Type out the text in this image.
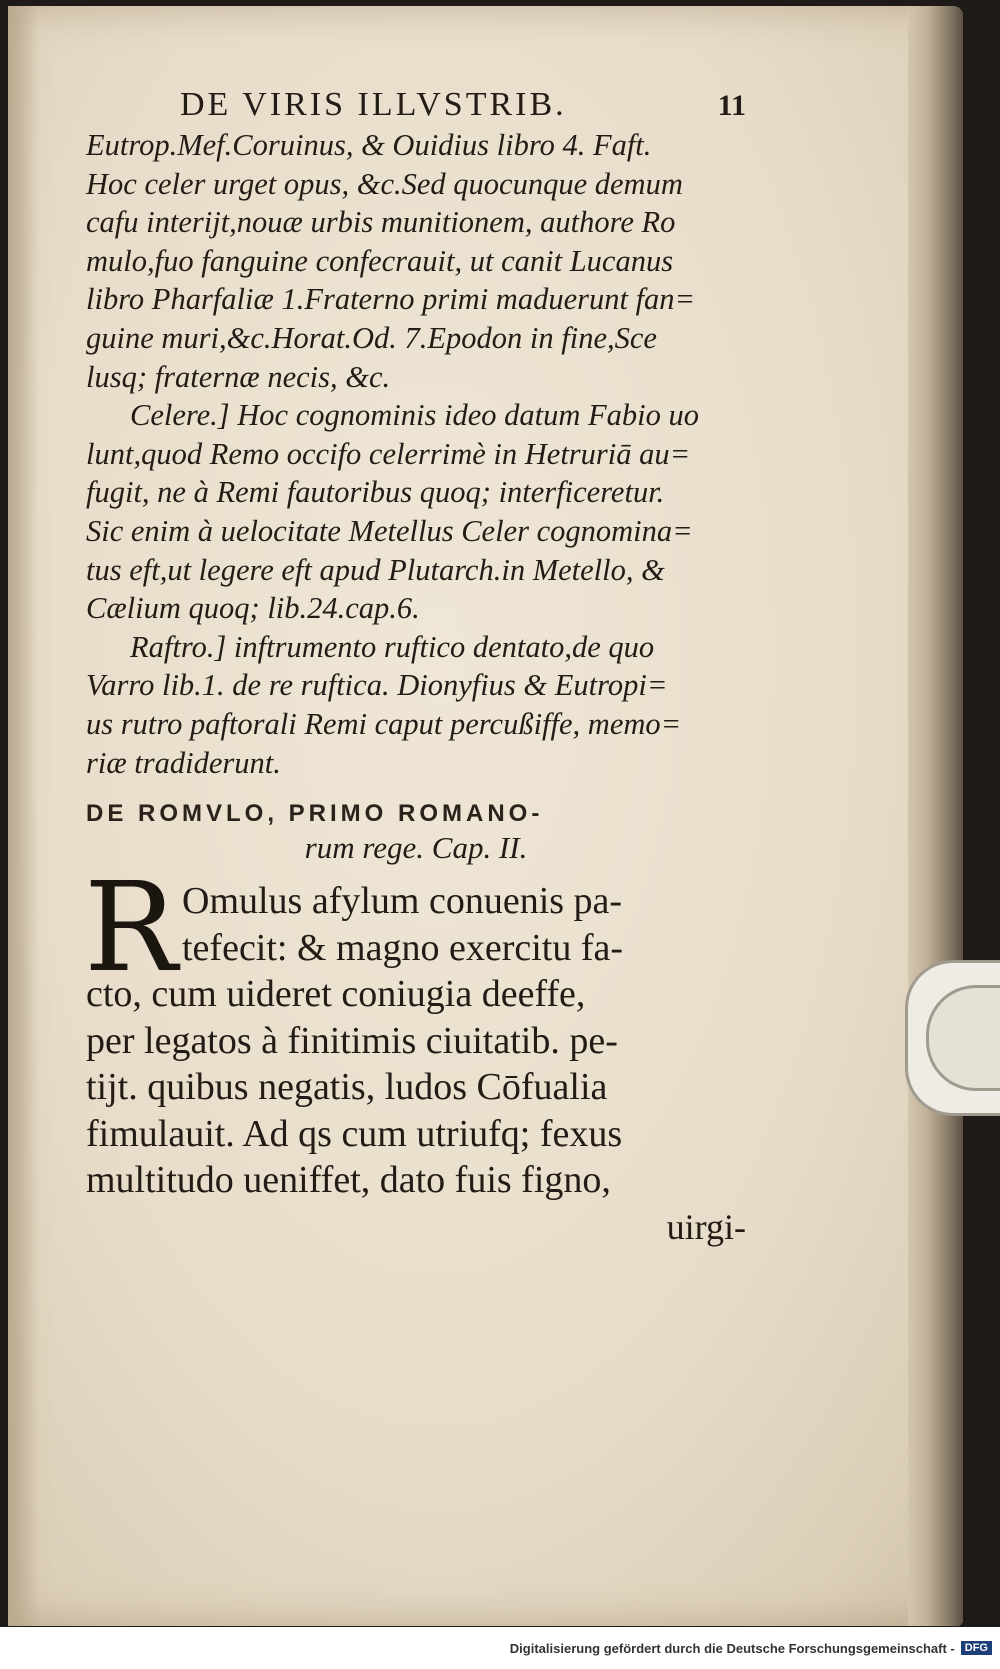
DE VIRIS ILLVSTRIB.	11

Eutrop.Mef.Coruinus, & Ouidius libro 4. Faft.

Hoc celer urget opus, &c.Sed quocunque demum

cafu interijt,nouæ urbis munitionem, authore Ro

mulo,fuo fanguine confecrauit, ut canit Lucanus

libro Pharfaliæ 1.Fraterno primi maduerunt fan=

guine muri,&c.Horat.Od. 7.Epodon in fine,Sce

lusq; fraternæ necis, &c.

Celere.] Hoc cognominis ideo datum Fabio uo

lunt,quod Remo occifo celerrimè in Hetruriā au=

fugit, ne à Remi fautoribus quoq; interficeretur.

Sic enim à uelocitate Metellus Celer cognomina=

tus eft,ut legere eft apud Plutarch.in Metello, &

Cælium quoq; lib.24.cap.6.

Raftro.] inftrumento ruftico dentato,de quo

Varro lib.1. de re ruftica. Dionyfius & Eutropi=

us rutro paftorali Remi caput percußiffe, memo=

riæ tradiderunt.

DE ROMVLO, PRIMO ROMANO-
rum rege. Cap. II.
R Omulus afylum conuenis pa-

tefecit: & magno exercitu fa-

cto, cum uideret coniugia deeffe,

per legatos à finitimis ciuitatib. pe-

tijt. quibus negatis, ludos Cōfualia

fimulauit. Ad qs cum utriufq; fexus

multitudo ueniffet, dato fuis figno,

uirgi-

Digitalisierung gefördert durch die Deutsche Forschungsgemeinschaft - DFG
